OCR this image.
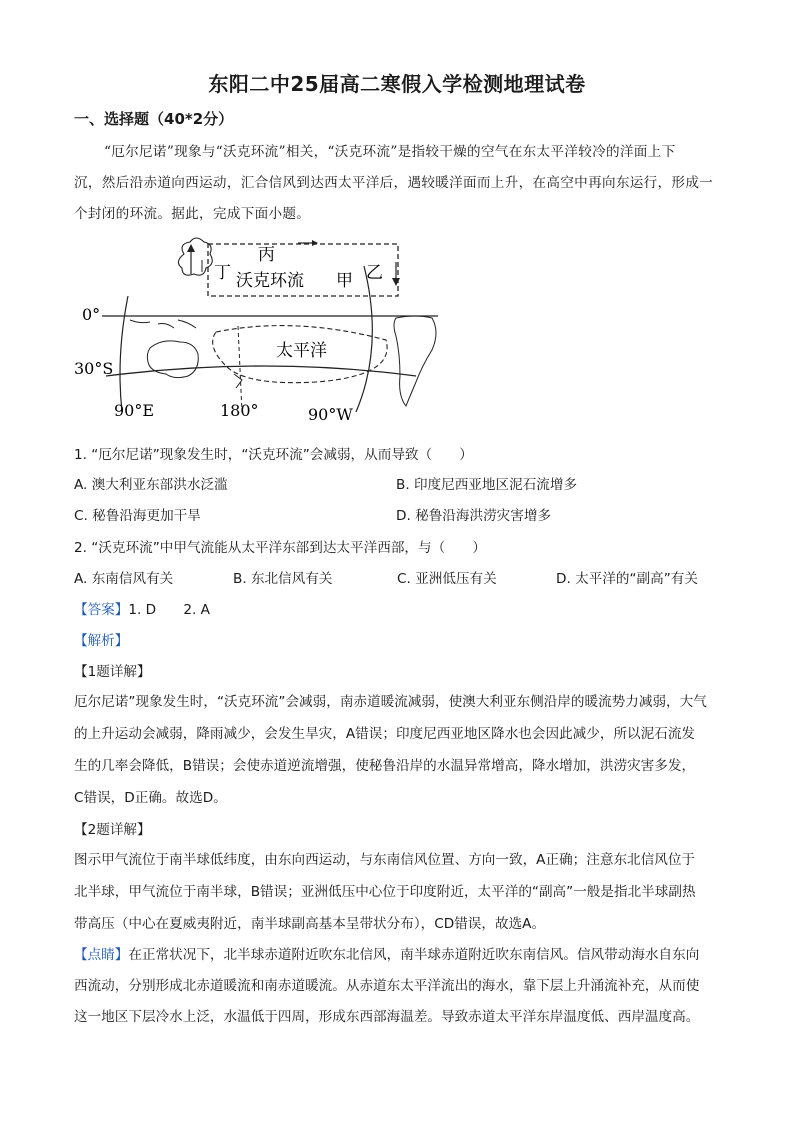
东阳二中25届高二寒假入学检测地理试卷
一、选择题（40*2分）
“厄尔尼诺”现象与“沃克环流”相关，“沃克环流”是指较干燥的空气在东太平洋较冷的洋面上下
沉，然后沿赤道向西运动，汇合信风到达西太平洋后，遇较暖洋面而上升，在高空中再向东运行，形成一
个封闭的环流。据此，完成下面小题。
丙
丁 沃克环流 甲 乙
0°
太平洋
30°S
90°E	180°	90°W
1. “厄尔尼诺”现象发生时，“沃克环流”会减弱，从而导致（　　）
A. 澳大利亚东部洪水泛滥	B. 印度尼西亚地区泥石流增多
C. 秘鲁沿海更加干旱	D. 秘鲁沿海洪涝灾害增多
2. “沃克环流”中甲气流能从太平洋东部到达太平洋西部，与（　　）
A. 东南信风有关	B. 东北信风有关	C. 亚洲低压有关	D. 太平洋的“副高”有关
【答案】1. D　　2. A
【解析】
【1题详解】
厄尔尼诺”现象发生时，“沃克环流”会减弱，南赤道暖流减弱，使澳大利亚东侧沿岸的暖流势力减弱，大气
的上升运动会减弱，降雨减少，会发生旱灾，A错误；印度尼西亚地区降水也会因此减少，所以泥石流发
生的几率会降低，B错误；会使赤道逆流增强，使秘鲁沿岸的水温异常增高，降水增加，洪涝灾害多发，
C错误，D正确。故选D。
【2题详解】
图示甲气流位于南半球低纬度，由东向西运动，与东南信风位置、方向一致，A正确；注意东北信风位于
北半球，甲气流位于南半球，B错误；亚洲低压中心位于印度附近，太平洋的“副高”一般是指北半球副热
带高压（中心在夏威夷附近，南半球副高基本呈带状分布），CD错误，故选A。
【点睛】在正常状况下，北半球赤道附近吹东北信风，南半球赤道附近吹东南信风。信风带动海水自东向
西流动，分别形成北赤道暖流和南赤道暖流。从赤道东太平洋流出的海水，靠下层上升涌流补充，从而使
这一地区下层冷水上泛，水温低于四周，形成东西部海温差。导致赤道太平洋东岸温度低、西岸温度高。
